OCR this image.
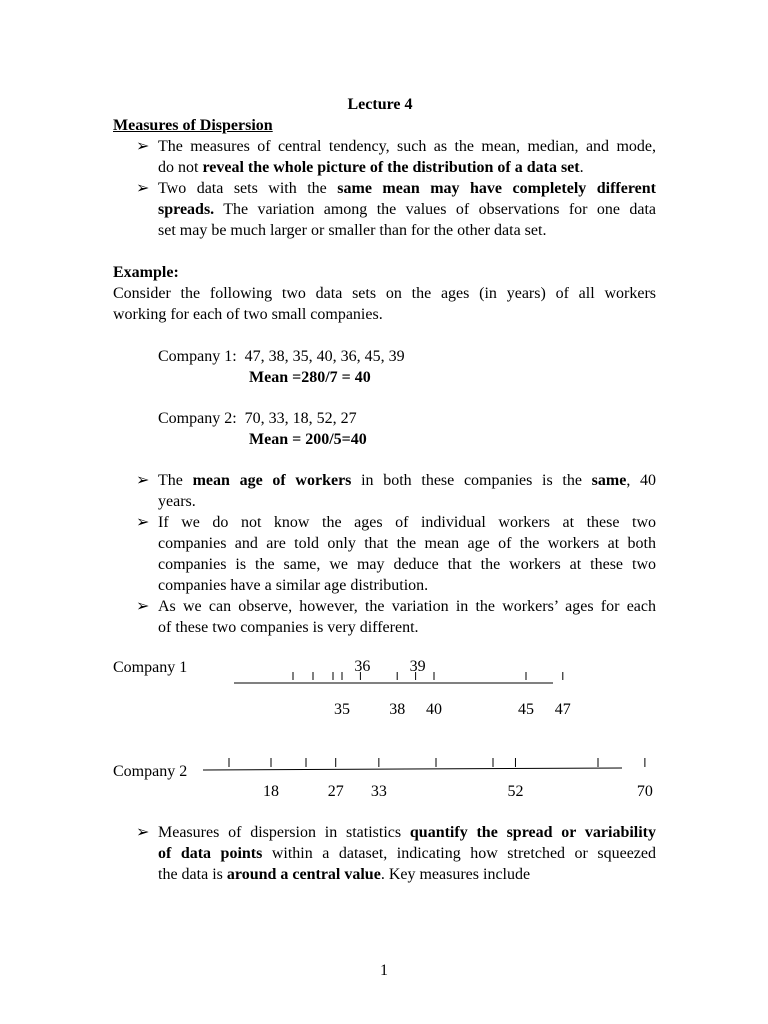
Lecture 4
Measures of Dispersion
➢ The measures of central tendency, such as the mean, median, and mode,
do not reveal the whole picture of the distribution of a data set.
➢ Two data sets with the same mean may have completely different
spreads. The variation among the values of observations for one data
set may be much larger or smaller than for the other data set.
Example:
Consider the following two data sets on the ages (in years) of all workers
working for each of two small companies.
Company 1: 47, 38, 35, 40, 36, 45, 39
Mean =280/7 = 40
Company 2: 70, 33, 18, 52, 27
Mean = 200/5=40
➢ The mean age of workers in both these companies is the same, 40
years.
➢ If we do not know the ages of individual workers at these two
companies and are told only that the mean age of the workers at both
companies is the same, we may deduce that the workers at these two
companies have a similar age distribution.
➢ As we can observe, however, the variation in the workers’ ages for each
of these two companies is very different.
Company 1
35 38 40	45 47
36 39
Company 2
18	27 33	52	70
➢ Measures of dispersion in statistics quantify the spread or variability
of data points within a dataset, indicating how stretched or squeezed
the data is around a central value. Key measures include
1
